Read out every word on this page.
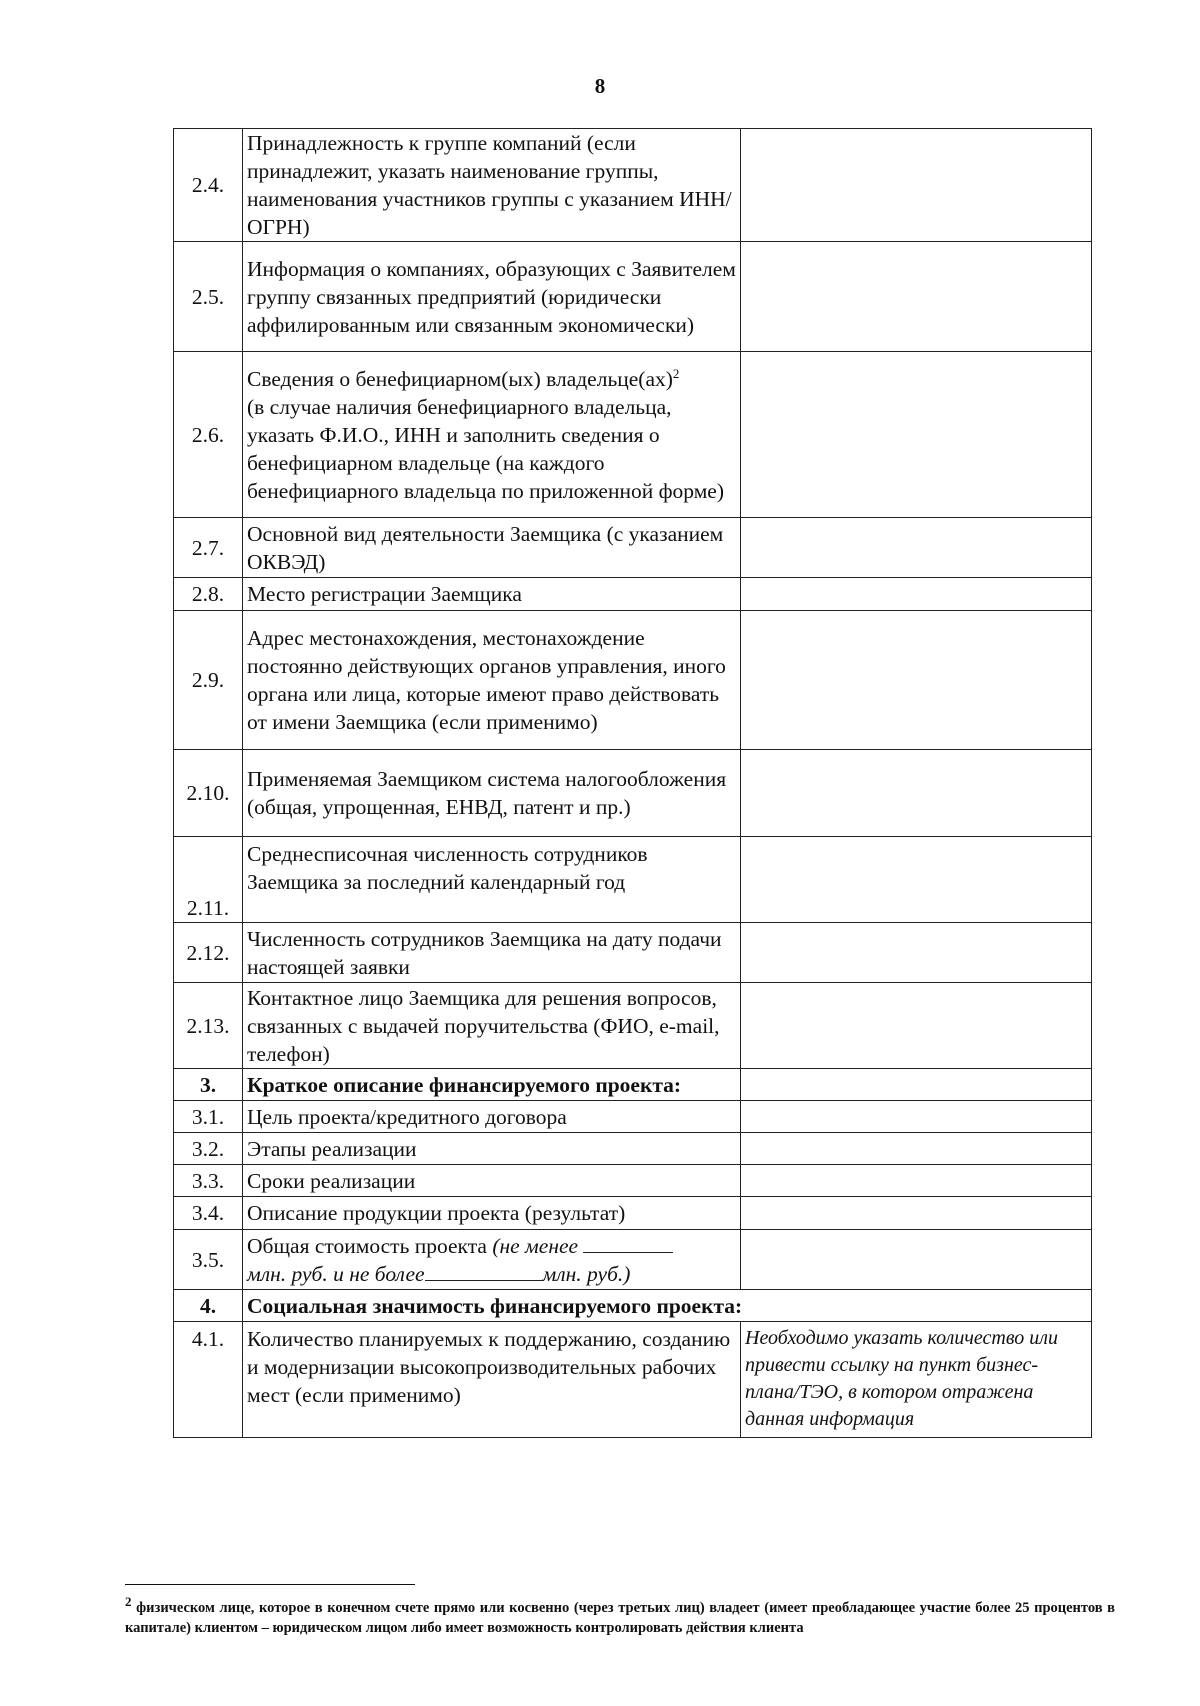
8
2.4.	Принадлежность к группе компаний (если принадлежит, указать наименование группы, наименования участников группы с указанием ИНН/ОГРН)	
2.5.	Информация о компаниях, образующих с Заявителем группу связанных предприятий (юридически аффилированным или связанным экономически)	
2.6.	Сведения о бенефициарном(ых) владельце(ах)$^2$
(в случае наличия бенефициарного владельца, указать Ф.И.О., ИНН и заполнить сведения о бенефициарном владельце (на каждого бенефициарного владельца по приложенной форме)	
2.7.	Основной вид деятельности Заемщика (с указанием ОКВЭД)	
2.8.	Место регистрации Заемщика	
2.9.	Адрес местонахождения, местонахождение постоянно действующих органов управления, иного органа или лица, которые имеют право действовать от имени Заемщика (если применимо)	
2.10.	Применяемая Заемщиком система налогообложения (общая, упрощенная, ЕНВД, патент и пр.)	
2.11.	Среднесписочная численность сотрудников Заемщика за последний календарный год	
2.12.	Численность сотрудников Заемщика на дату подачи настоящей заявки	
2.13.	Контактное лицо Заемщика для решения вопросов, связанных с выдачей поручительства (ФИО, e-mail, телефон)	
3.	Краткое описание финансируемого проекта:	
3.1.	Цель проекта/кредитного договора	
3.2.	Этапы реализации	
3.3.	Сроки реализации	
3.4.	Описание продукции проекта (результат)	
3.5.	Общая стоимость проекта (не менее
млн. руб. и не более млн. руб.)	
4.	Социальная значимость финансируемого проекта:	
4.1.	Количество планируемых к поддержанию, созданию и модернизации высокопроизводительных рабочих мест (если применимо)	Необходимо указать количество или привести ссылку на пункт бизнес-плана/ТЭО, в котором отражена данная информация
2 физическом лице, которое в конечном счете прямо или косвенно (через третьих лиц) владеет (имеет преобладающее участие более 25 процентов в капитале) клиентом – юридическом лицом либо имеет возможность контролировать действия клиента
